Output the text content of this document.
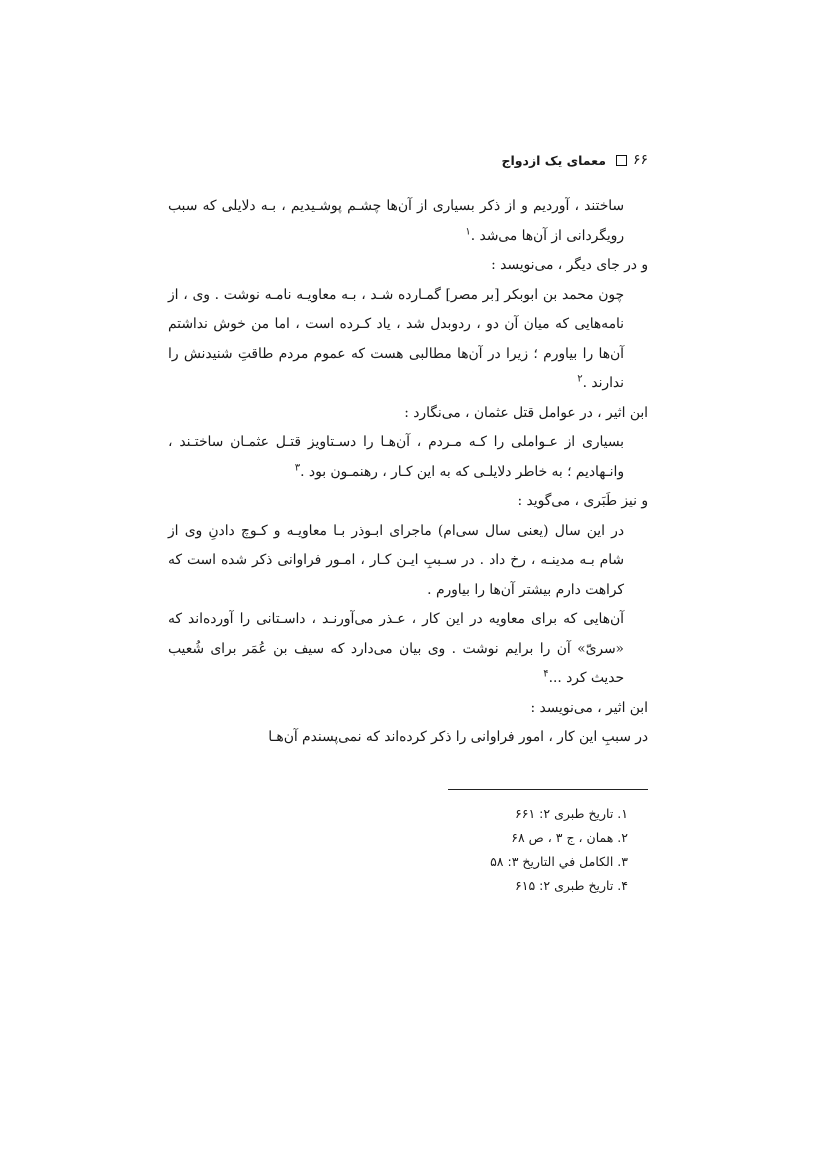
۶۶
معمای یک ازدواج

ساختند ، آوردیم و از ذکر بسیاری از آن‌ها چشـم پوشـیدیم ، بـه دلایلی که سبب رویگردانی از آن‌ها می‌شد .$^۱$

و در جای دیگر ، می‌نویسد :

چون محمد بن ابوبکر [بر مصر] گمـارده شـد ، بـه معاویـه نامـه نوشت . وی ، از نامه‌هایی که میان آن دو ، ردوبدل شد ، یاد کـرده است ، اما من خوش نداشتم آن‌ها را بیاورم ؛ زیرا در آن‌ها مطالبی هست که عموم مردم طاقتِ شنیدنش را ندارند .$^۲$

ابن اثیر ، در عوامل قتل عثمان ، می‌نگارد :

بسیاری از عـواملی را کـه مـردم ، آن‌هـا را دسـتاویز قتـل عثمـان ساختـند ، وانـهادیم ؛ به خاطر دلایلـی که به این کـار ، رهنمـون بود .$^۳$

و نیز طَبَری ، می‌گوید :

در این سال (یعنی سال سی‌ام) ماجرای ابـوذر بـا معاویـه و کـوچ دادنِ وی از شام بـه مدینـه ، رخ داد . در سـببِ ایـن کـار ، امـور فراوانی ذکر شده است که کراهت دارم بیشتر آن‌ها را بیاورم .

آن‌هایی که برای معاویه در این کار ، عـذر می‌آورنـد ، داسـتانی را آورده‌اند که «سریّ» آن را برایم نوشت . وی بیان می‌دارد که سیف بن عُمَر برای شُعیب حدیث کرد ...$^۴$

ابن اثیر ، می‌نویسد :

در سببِ این کار ، امور فراوانی را ذکر کرده‌اند که نمی‌پسندم آن‌هـا

۱. تاریخ طبری ۲: ۶۶۱
۲. همان ، ج ۳ ، ص ۶۸
۳. الکامل في التاریخ ۳: ۵۸
۴. تاریخ طبری ۲: ۶۱۵
